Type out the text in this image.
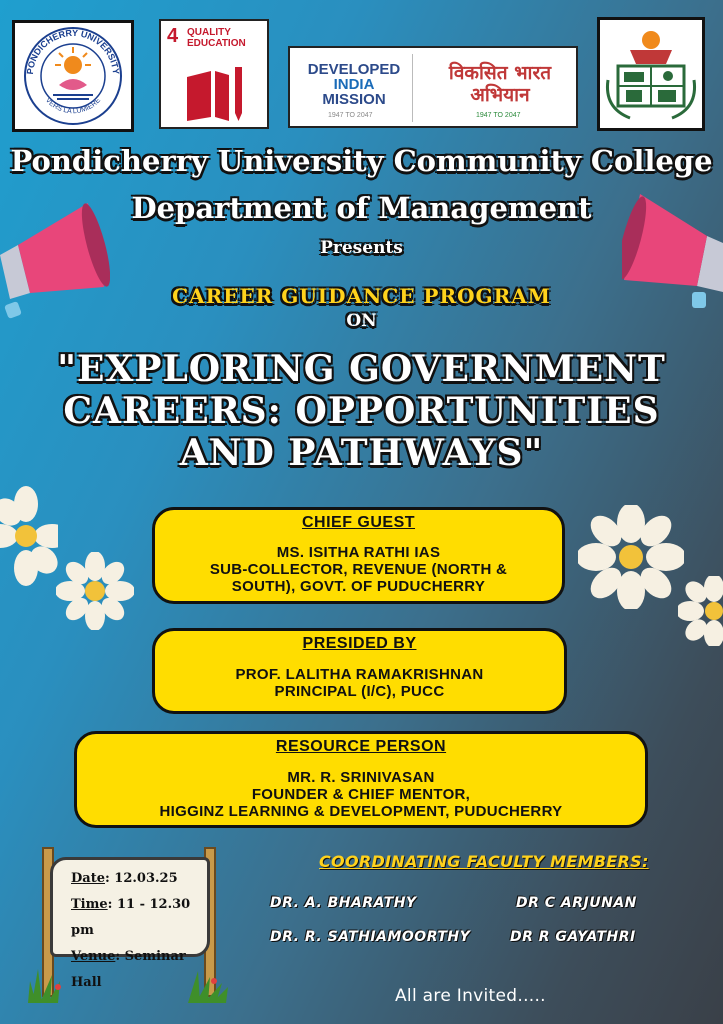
PONDICHERRY UNIVERSITY
VERS LA LUMIERE
4 QUALITY
EDUCATION
DEVELOPED
INDIA
MISSION
1947 TO 2047
विकसित भारत
अभियान
1947 TO 2047
Pondicherry University Community College
Department of Management
Presents
CAREER GUIDANCE PROGRAM
ON
"EXPLORING GOVERNMENT CAREERS: OPPORTUNITIES AND PATHWAYS"
CHIEF GUEST
MS. ISITHA RATHI IAS
SUB-COLLECTOR, REVENUE (NORTH &
SOUTH), GOVT. OF PUDUCHERRY
PRESIDED BY
PROF. LALITHA RAMAKRISHNAN
PRINCIPAL (I/C), PUCC
RESOURCE PERSON
MR. R. SRINIVASAN
FOUNDER & CHIEF MENTOR,
HIGGINZ LEARNING & DEVELOPMENT, PUDUCHERRY
Date: 12.03.25
Time: 11 - 12.30 pm
Venue: Seminar Hall
COORDINATING FACULTY MEMBERS:
DR. A. BHARATHY	DR C ARJUNAN
DR. R. SATHIAMOORTHY	DR R GAYATHRI
All are Invited.....
